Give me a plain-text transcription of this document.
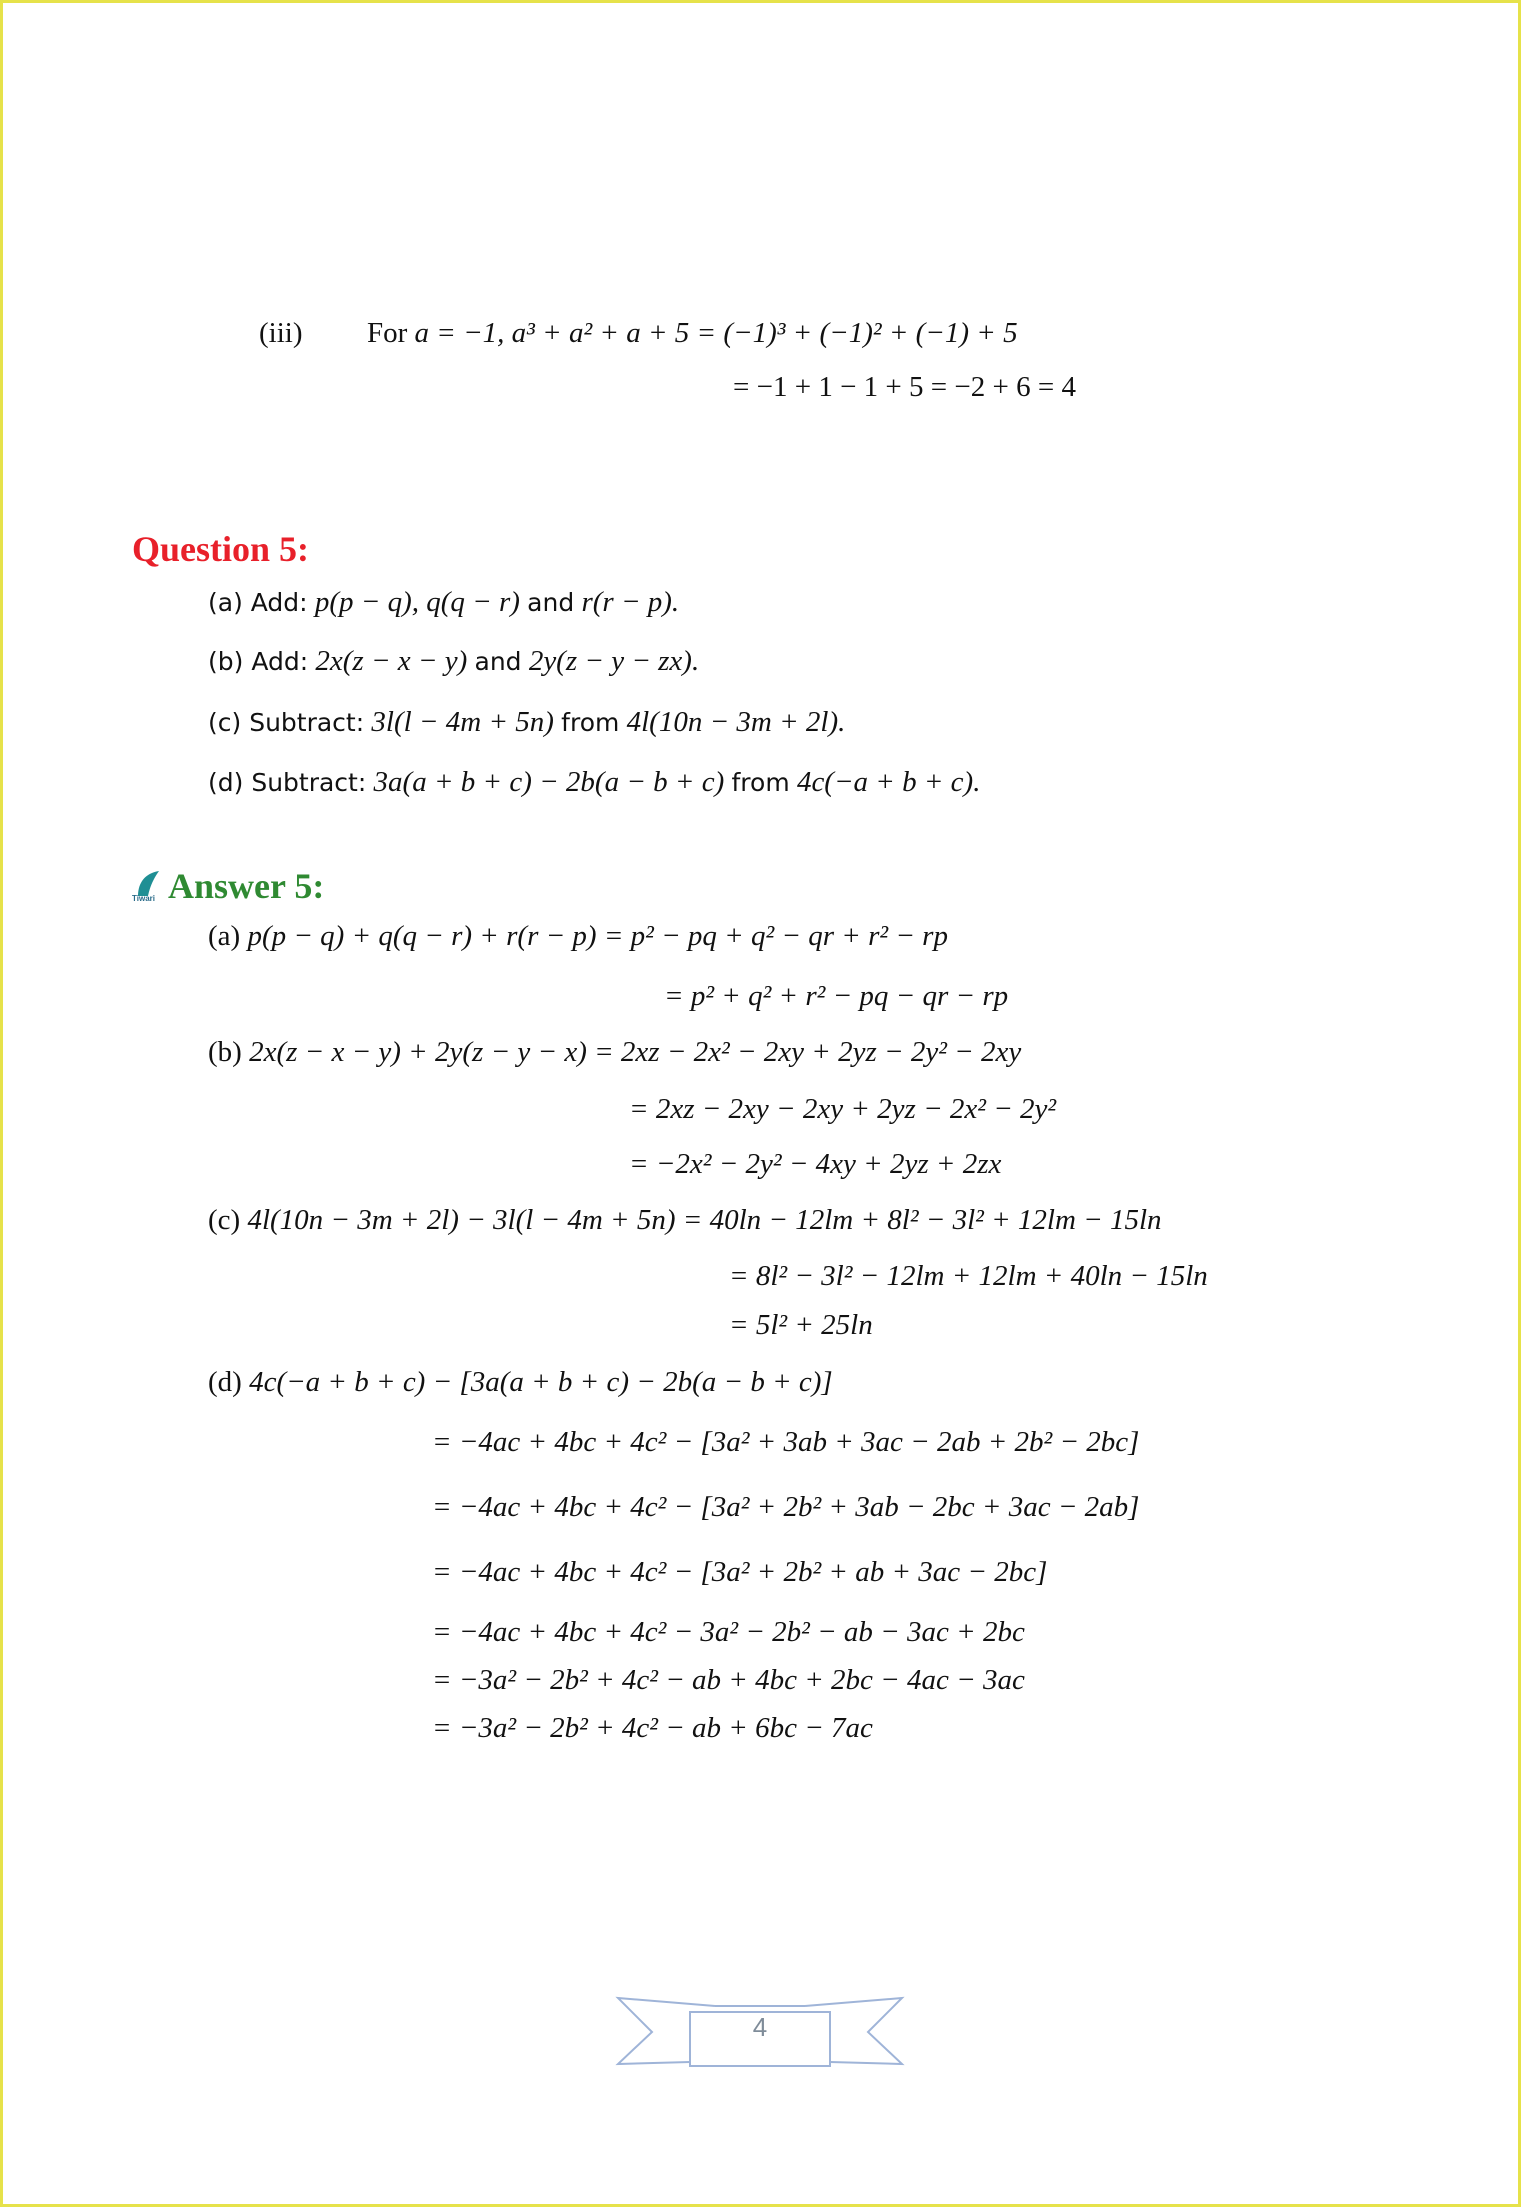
(iii) For a = −1, a³ + a² + a + 5 = (−1)³ + (−1)² + (−1) + 5
= −1 + 1 − 1 + 5 = −2 + 6 = 4
Question 5:
(a) Add: p(p − q), q(q − r) and r(r − p).
(b) Add: 2x(z − x − y) and 2y(z − y − zx).
(c) Subtract: 3l(l − 4m + 5n) from 4l(10n − 3m + 2l).
(d) Subtract: 3a(a + b + c) − 2b(a − b + c) from 4c(−a + b + c).
Tiwari Answer 5:
(a) p(p − q) + q(q − r) + r(r − p) = p² − pq + q² − qr + r² − rp
= p² + q² + r² − pq − qr − rp
(b) 2x(z − x − y) + 2y(z − y − x) = 2xz − 2x² − 2xy + 2yz − 2y² − 2xy
= 2xz − 2xy − 2xy + 2yz − 2x² − 2y²
= −2x² − 2y² − 4xy + 2yz + 2zx
(c) 4l(10n − 3m + 2l) − 3l(l − 4m + 5n) = 40ln − 12lm + 8l² − 3l² + 12lm − 15ln
= 8l² − 3l² − 12lm + 12lm + 40ln − 15ln
= 5l² + 25ln
(d) 4c(−a + b + c) − [3a(a + b + c) − 2b(a − b + c)]
= −4ac + 4bc + 4c² − [3a² + 3ab + 3ac − 2ab + 2b² − 2bc]
= −4ac + 4bc + 4c² − [3a² + 2b² + 3ab − 2bc + 3ac − 2ab]
= −4ac + 4bc + 4c² − [3a² + 2b² + ab + 3ac − 2bc]
= −4ac + 4bc + 4c² − 3a² − 2b² − ab − 3ac + 2bc
= −3a² − 2b² + 4c² − ab + 4bc + 2bc − 4ac − 3ac
= −3a² − 2b² + 4c² − ab + 6bc − 7ac
4
